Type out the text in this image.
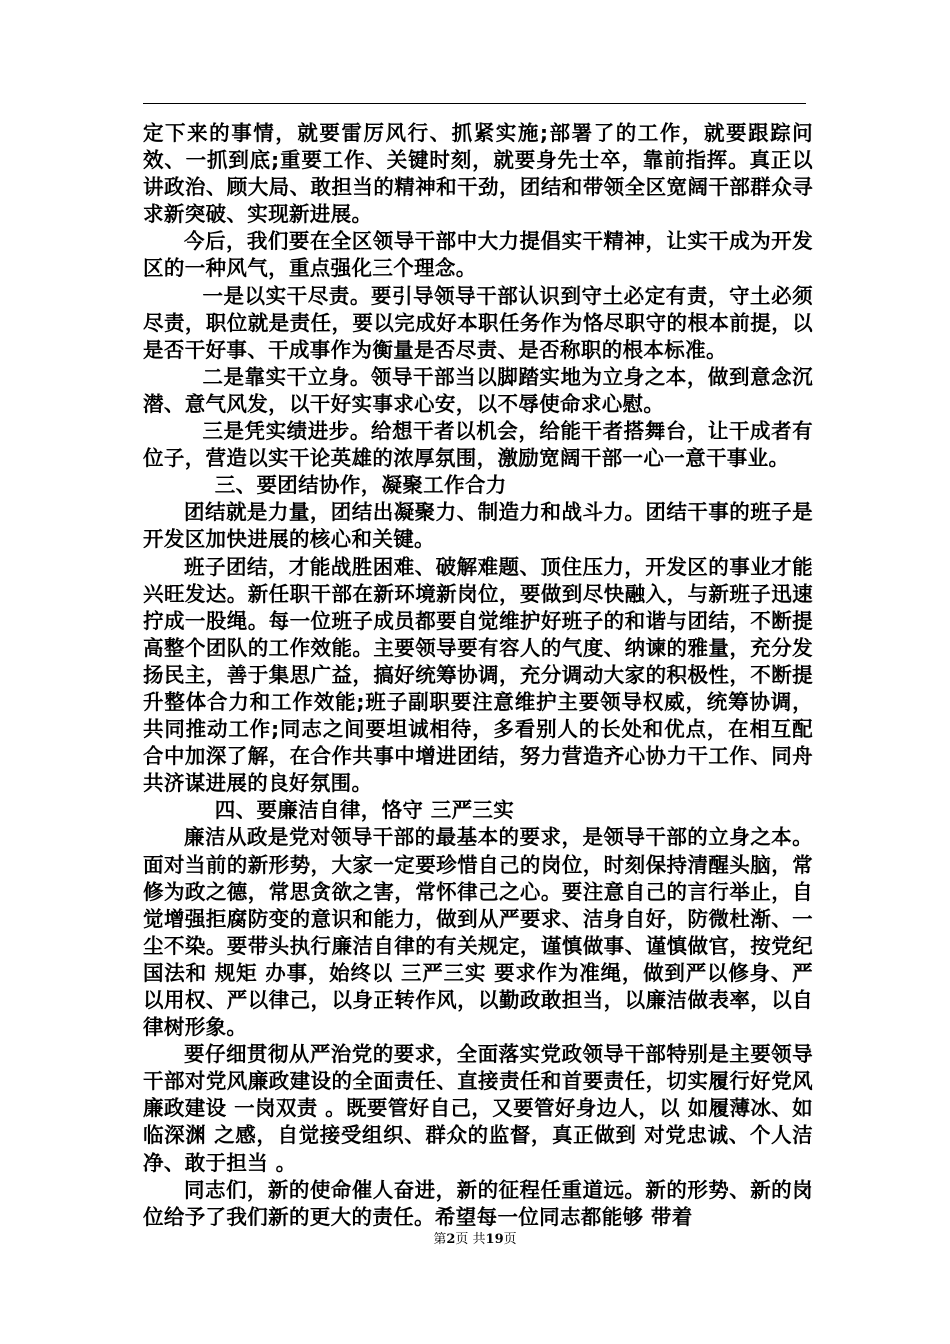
定下来的事情，就要雷厉风行、抓紧实施;部署了的工作，就要跟踪问效、一抓到底;重要工作、关键时刻，就要身先士卒，靠前指挥。真正以讲政治、顾大局、敢担当的精神和干劲，团结和带领全区宽阔干部群众寻求新突破、实现新进展。

今后，我们要在全区领导干部中大力提倡实干精神，让实干成为开发区的一种风气，重点强化三个理念。

一是以实干尽责。要引导领导干部认识到守土必定有责，守土必须尽责，职位就是责任，要以完成好本职任务作为恪尽职守的根本前提，以是否干好事、干成事作为衡量是否尽责、是否称职的根本标准。

二是靠实干立身。领导干部当以脚踏实地为立身之本，做到意念沉潜、意气风发，以干好实事求心安，以不辱使命求心慰。

三是凭实绩进步。给想干者以机会，给能干者搭舞台，让干成者有位子，营造以实干论英雄的浓厚氛围，激励宽阔干部一心一意干事业。

三、要团结协作，凝聚工作合力

团结就是力量，团结出凝聚力、制造力和战斗力。团结干事的班子是开发区加快进展的核心和关键。

班子团结，才能战胜困难、破解难题、顶住压力，开发区的事业才能兴旺发达。新任职干部在新环境新岗位，要做到尽快融入，与新班子迅速拧成一股绳。每一位班子成员都要自觉维护好班子的和谐与团结，不断提高整个团队的工作效能。主要领导要有容人的气度、纳谏的雅量，充分发扬民主，善于集思广益，搞好统筹协调，充分调动大家的积极性，不断提升整体合力和工作效能;班子副职要注意维护主要领导权威，统筹协调，共同推动工作;同志之间要坦诚相待，多看别人的长处和优点，在相互配合中加深了解，在合作共事中增进团结，努力营造齐心协力干工作、同舟共济谋进展的良好氛围。

四、要廉洁自律，恪守 三严三实

廉洁从政是党对领导干部的最基本的要求，是领导干部的立身之本。面对当前的新形势，大家一定要珍惜自己的岗位，时刻保持清醒头脑，常修为政之德，常思贪欲之害，常怀律己之心。要注意自己的言行举止，自觉增强拒腐防变的意识和能力，做到从严要求、洁身自好，防微杜渐、一尘不染。要带头执行廉洁自律的有关规定，谨慎做事、谨慎做官，按党纪国法和 规矩 办事，始终以 三严三实 要求作为准绳，做到严以修身、严以用权、严以律己，以身正转作风，以勤政敢担当，以廉洁做表率，以自律树形象。

要仔细贯彻从严治党的要求，全面落实党政领导干部特别是主要领导干部对党风廉政建设的全面责任、直接责任和首要责任，切实履行好党风廉政建设 一岗双责 。既要管好自己，又要管好身边人，以 如履薄冰、如临深渊 之感，自觉接受组织、群众的监督，真正做到 对党忠诚、个人洁净、敢于担当 。

同志们，新的使命催人奋进，新的征程任重道远。新的形势、新的岗位给予了我们新的更大的责任。希望每一位同志都能够 带着

第2页 共19页
